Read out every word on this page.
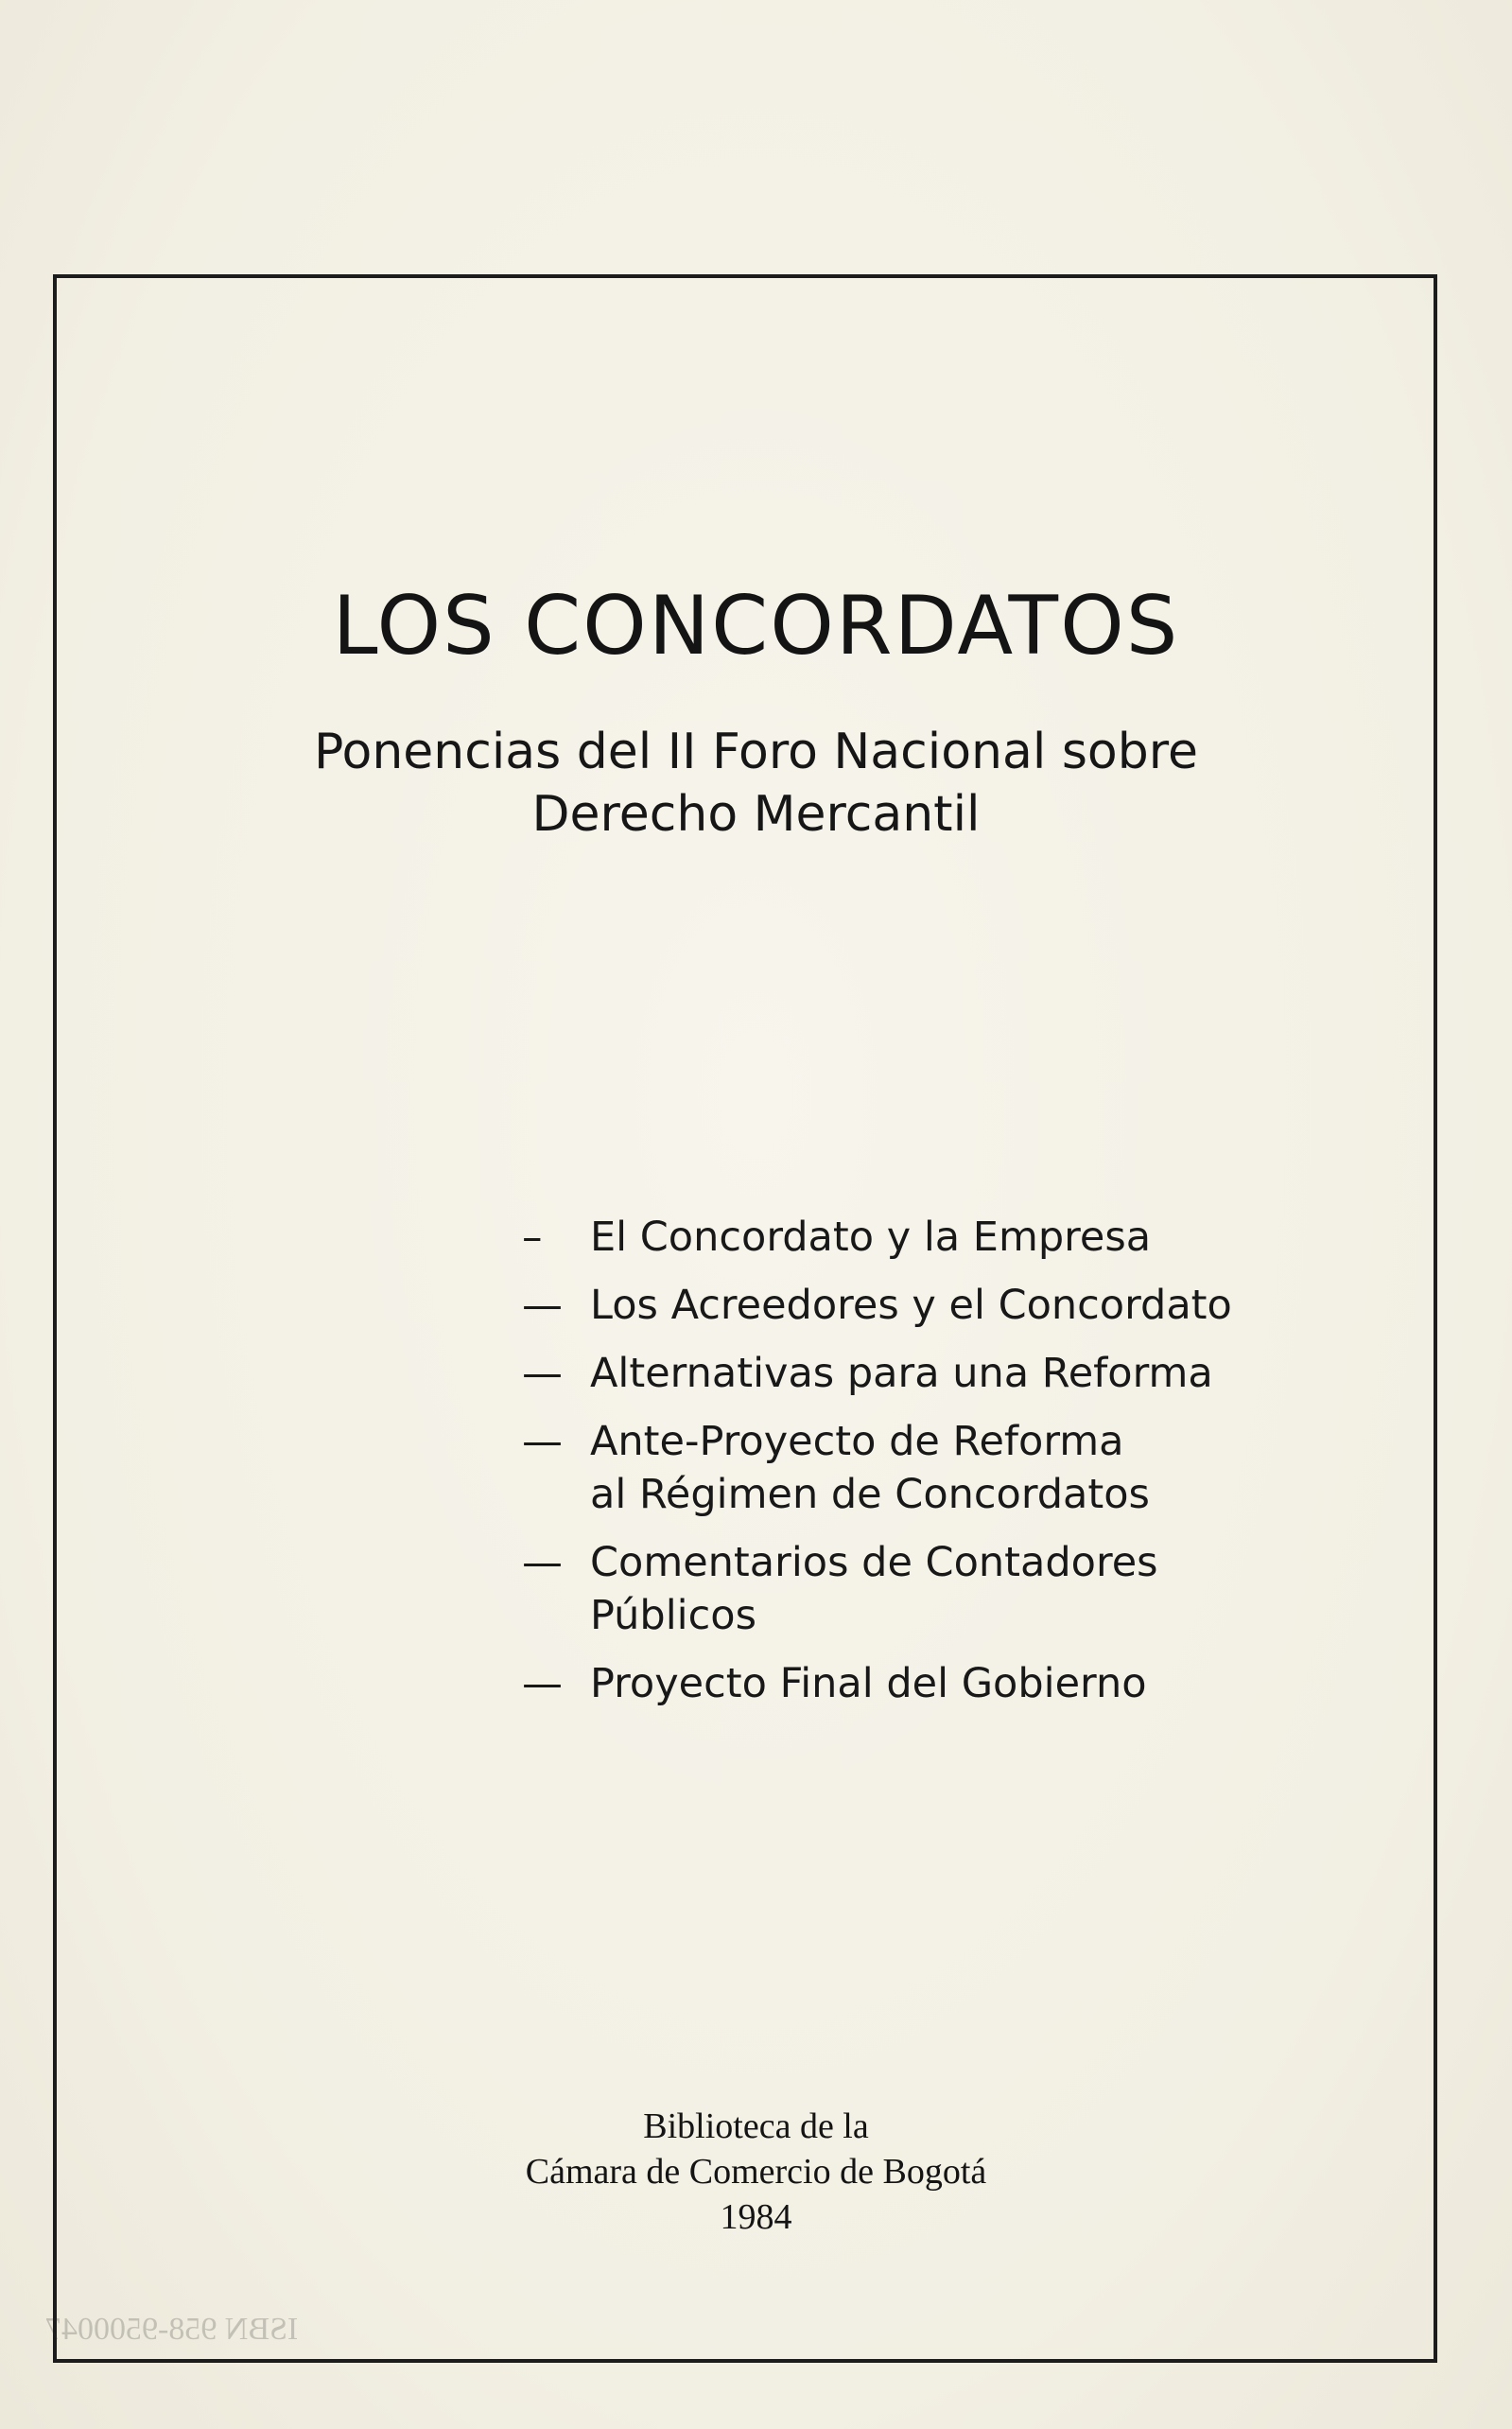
LOS CONCORDATOS
Ponencias del II Foro Nacional sobre
Derecho Mercantil
– El Concordato y la Empresa
— Los Acreedores y el Concordato
— Alternativas para una Reforma
— Ante-Proyecto de Reforma
al Régimen de Concordatos
— Comentarios de Contadores
Públicos
— Proyecto Final del Gobierno
Biblioteca de la
Cámara de Comercio de Bogotá
1984
ISBN 958-9500047
